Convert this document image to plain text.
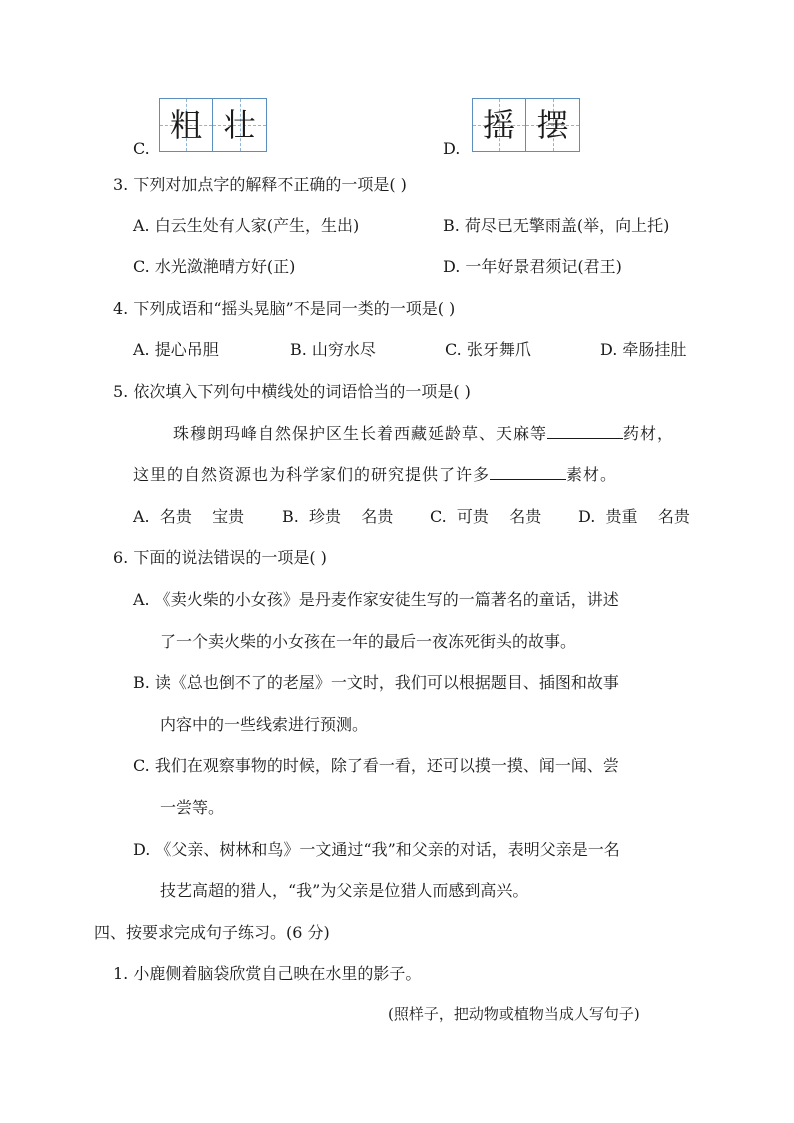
C.
粗 壮
D.
摇 摆
3. 下列对加点字的解释不正确的一项是( )
A. 白云生处有人家(产生，生出)	B. 荷尽已无擎雨盖(举，向上托)
C. 水光潋滟晴方好(正)	D. 一年好景君须记(君王)
4. 下列成语和“摇头晃脑”不是同一类的一项是( )
A. 提心吊胆	B. 山穷水尽	C. 张牙舞爪	D. 牵肠挂肚
5. 依次填入下列句中横线处的词语恰当的一项是( )
珠穆朗玛峰自然保护区生长着西藏延龄草、天麻等	药材，
这里的自然资源也为科学家们的研究提供了许多	素材。
A.  名贵    宝贵 B.  珍贵    名贵 C.  可贵    名贵 D.  贵重    名贵
6. 下面的说法错误的一项是( )
A. 《卖火柴的小女孩》是丹麦作家安徒生写的一篇著名的童话，讲述
了一个卖火柴的小女孩在一年的最后一夜冻死街头的故事。
B. 读《总也倒不了的老屋》一文时，我们可以根据题目、插图和故事
内容中的一些线索进行预测。
C. 我们在观察事物的时候，除了看一看，还可以摸一摸、闻一闻、尝
一尝等。
D. 《父亲、树林和鸟》一文通过“我”和父亲的对话，表明父亲是一名
技艺高超的猎人，“我”为父亲是位猎人而感到高兴。
四、按要求完成句子练习。(6 分)
1. 小鹿侧着脑袋欣赏自己映在水里的影子。
(照样子，把动物或植物当成人写句子)
